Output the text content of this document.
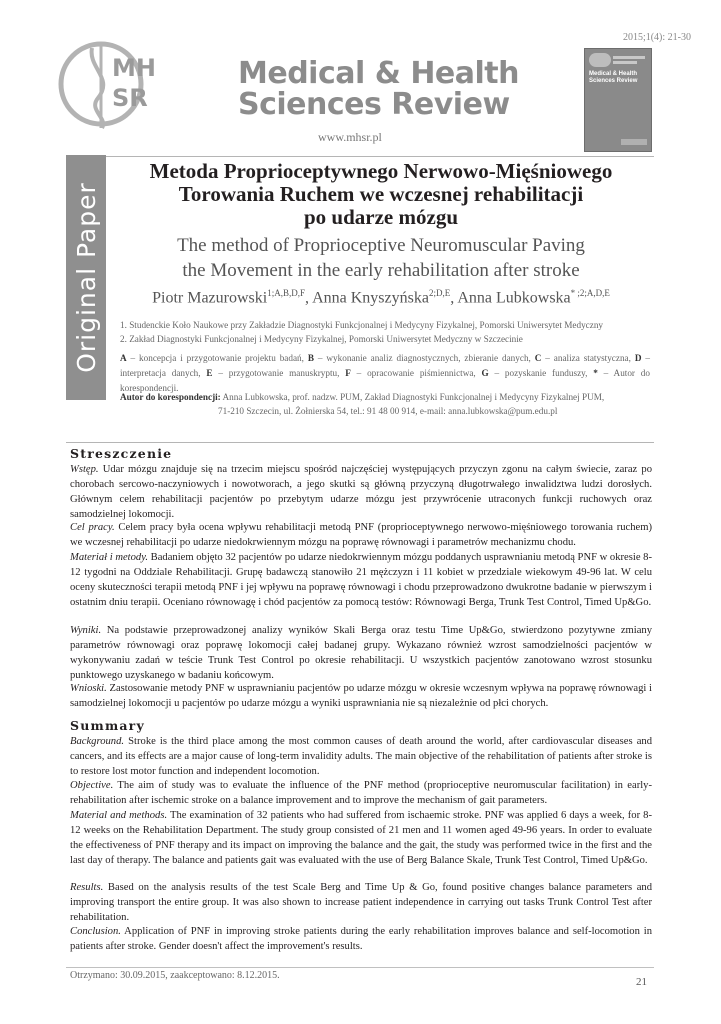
MH
SR
Medical & Health
Sciences Review
www.mhsr.pl
2015;1(4): 21-30
Medical & Health Sciences Review
Original Paper
Metoda Proprioceptywnego Nerwowo-Mięśniowego
Torowania Ruchem we wczesnej rehabilitacji
po udarze mózgu
The method of Proprioceptive Neuromuscular Paving
the Movement in the early rehabilitation after stroke
Piotr Mazurowski$^{1;A,B,D,F}$, Anna Knyszyńska$^{2;D,E}$, Anna Lubkowska$^{* ;2;A,D,E}$
1. Studenckie Koło Naukowe przy Zakładzie Diagnostyki Funkcjonalnej i Medycyny Fizykalnej, Pomorski Uniwersytet Medyczny
2. Zakład Diagnostyki Funkcjonalnej i Medycyny Fizykalnej, Pomorski Uniwersytet Medyczny w Szczecinie
A – koncepcja i przygotowanie projektu badań, B – wykonanie analiz diagnostycznych, zbieranie danych, C – analiza statystyczna, D – interpretacja danych, E – przygotowanie manuskryptu, F – opracowanie piśmiennictwa, G – pozyskanie funduszy, * – Autor do korespondencji.
Autor do korespondencji: Anna Lubkowska, prof. nadzw. PUM, Zakład Diagnostyki Funkcjonalnej i Medycyny Fizykalnej PUM,
71-210 Szczecin, ul. Żołnierska 54, tel.: 91 48 00 914, e-mail: anna.lubkowska@pum.edu.pl
Streszczenie

Wstęp. Udar mózgu znajduje się na trzecim miejscu spośród najczęściej występujących przyczyn zgonu na całym świecie, zaraz po chorobach sercowo-naczyniowych i nowotworach, a jego skutki są główną przyczyną długotrwałego inwalidztwa ludzi dorosłych. Głównym celem rehabilitacji pacjentów po przebytym udarze mózgu jest przywrócenie utraconych funkcji ruchowych oraz samodzielnej lokomocji.

Cel pracy. Celem pracy była ocena wpływu rehabilitacji metodą PNF (proprioceptywnego nerwowo-mięśniowego torowania ruchem) we wczesnej rehabilitacji po udarze niedokrwiennym mózgu na poprawę równowagi i parametrów mechanizmu chodu.

Materiał i metody. Badaniem objęto 32 pacjentów po udarze niedokrwiennym mózgu poddanych usprawnianiu metodą PNF w okresie 8-12 tygodni na Oddziale Rehabilitacji. Grupę badawczą stanowiło 21 mężczyzn i 11 kobiet w przedziale wiekowym 49-96 lat. W celu oceny skuteczności terapii metodą PNF i jej wpływu na poprawę równowagi i chodu przeprowadzono dwukrotne badanie w pierwszym i ostatnim dniu terapii. Oceniano równowagę i chód pacjentów za pomocą testów: Równowagi Berga, Trunk Test Control, Timed Up&Go.

Wyniki. Na podstawie przeprowadzonej analizy wyników Skali Berga oraz testu Time Up&Go, stwierdzono pozytywne zmiany parametrów równowagi oraz poprawę lokomocji całej badanej grupy. Wykazano również wzrost samodzielności pacjentów w wykonywaniu zadań w teście Trunk Test Control po okresie rehabilitacji. U wszystkich pacjentów zanotowano wzrost stosunku punktowego uzyskanego w badaniu końcowym.

Wnioski. Zastosowanie metody PNF w usprawnianiu pacjentów po udarze mózgu w okresie wczesnym wpływa na poprawę równowagi i samodzielnej lokomocji u pacjentów po udarze mózgu a wyniki usprawniania nie są niezależnie od płci chorych.

Summary

Background. Stroke is the third place among the most common causes of death around the world, after cardiovascular diseases and cancers, and its effects are a major cause of long-term invalidity adults. The main objective of the rehabilitation of patients after stroke is to restore lost motor function and independent locomotion.

Objective. The aim of study was to evaluate the influence of the PNF method (proprioceptive neuromuscular facilitation) in early-rehabilitation after ischemic stroke on a balance improvement and to improve the mechanism of gait parameters.

Material and methods. The examination of 32 patients who had suffered from ischaemic stroke. PNF was applied 6 days a week, for 8-12 weeks on the Rehabilitation Department. The study group consisted of 21 men and 11 women aged 49-96 years. In order to evaluate the effectiveness of PNF therapy and its impact on improving the balance and the gait, the study was performed twice in the first and the last day of therapy. The balance and patients gait was evaluated with the use of Berg Balance Skale, Trunk Test Control, Timed Up&Go.

Results. Based on the analysis results of the test Scale Berg and Time Up & Go, found positive changes balance parameters and improving transport the entire group. It was also shown to increase patient independence in carrying out tasks Trunk Control Test after rehabilitation.

Conclusion. Application of PNF in improving stroke patients during the early rehabilitation improves balance and self-locomotion in patients after stroke. Gender doesn't affect the improvement's results.

Otrzymano: 30.09.2015, zaakceptowano: 8.12.2015.
21
